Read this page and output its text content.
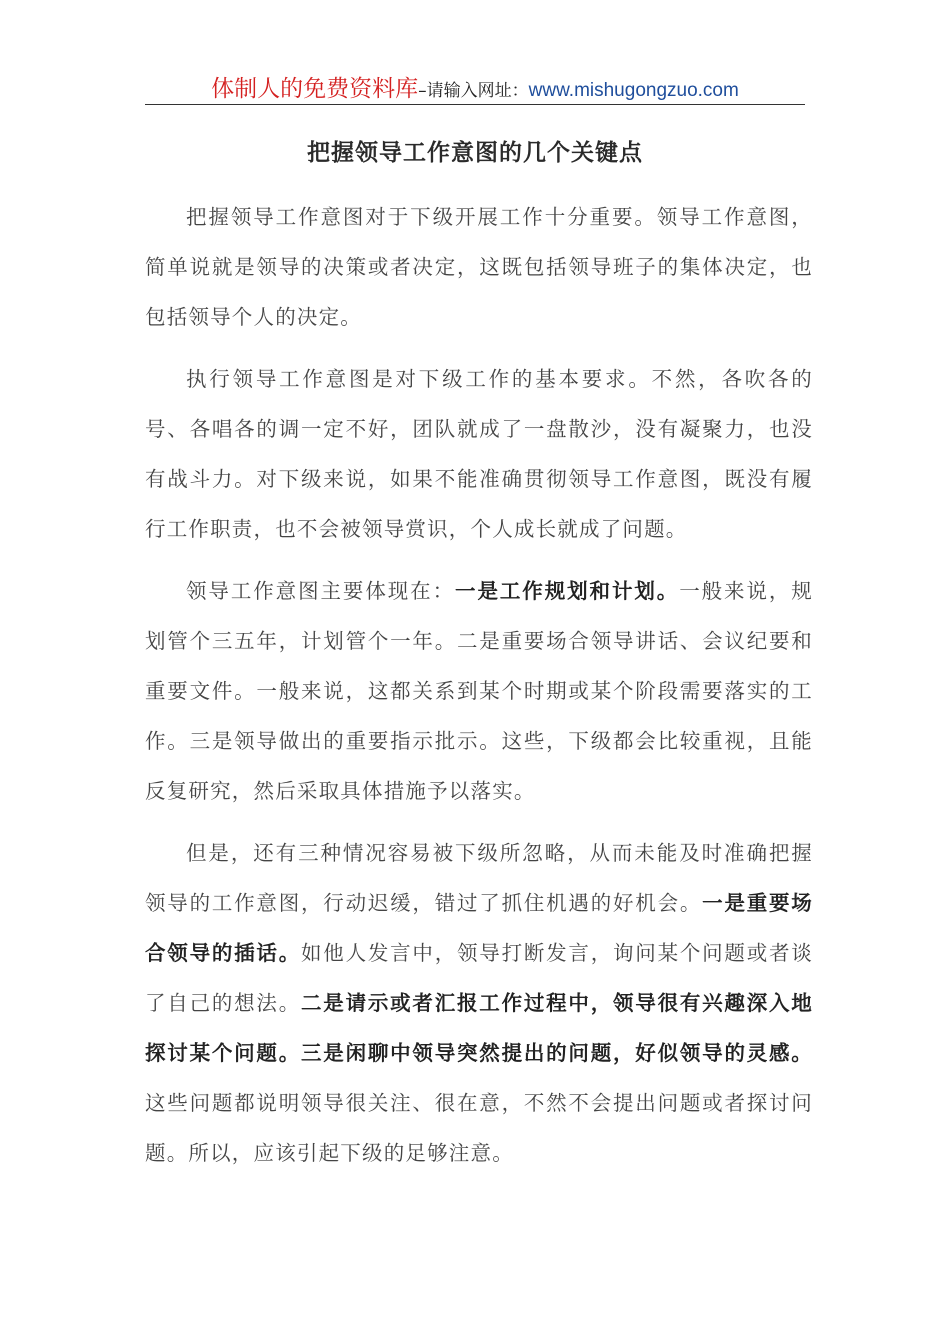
体制人的免费资料库–请输入网址：www.mishugongzuo.com
把握领导工作意图的几个关键点

把握领导工作意图对于下级开展工作十分重要。领导工作意图，简单说就是领导的决策或者决定，这既包括领导班子的集体决定，也包括领导个人的决定。

执行领导工作意图是对下级工作的基本要求。不然，各吹各的号、各唱各的调一定不好，团队就成了一盘散沙，没有凝聚力，也没有战斗力。对下级来说，如果不能准确贯彻领导工作意图，既没有履行工作职责，也不会被领导赏识，个人成长就成了问题。

领导工作意图主要体现在：一是工作规划和计划。一般来说，规划管个三五年，计划管个一年。二是重要场合领导讲话、会议纪要和重要文件。一般来说，这都关系到某个时期或某个阶段需要落实的工作。三是领导做出的重要指示批示。这些，下级都会比较重视，且能反复研究，然后采取具体措施予以落实。

但是，还有三种情况容易被下级所忽略，从而未能及时准确把握领导的工作意图，行动迟缓，错过了抓住机遇的好机会。一是重要场合领导的插话。如他人发言中，领导打断发言，询问某个问题或者谈了自己的想法。二是请示或者汇报工作过程中，领导很有兴趣深入地探讨某个问题。三是闲聊中领导突然提出的问题，好似领导的灵感。这些问题都说明领导很关注、很在意，不然不会提出问题或者探讨问题。所以，应该引起下级的足够注意。
